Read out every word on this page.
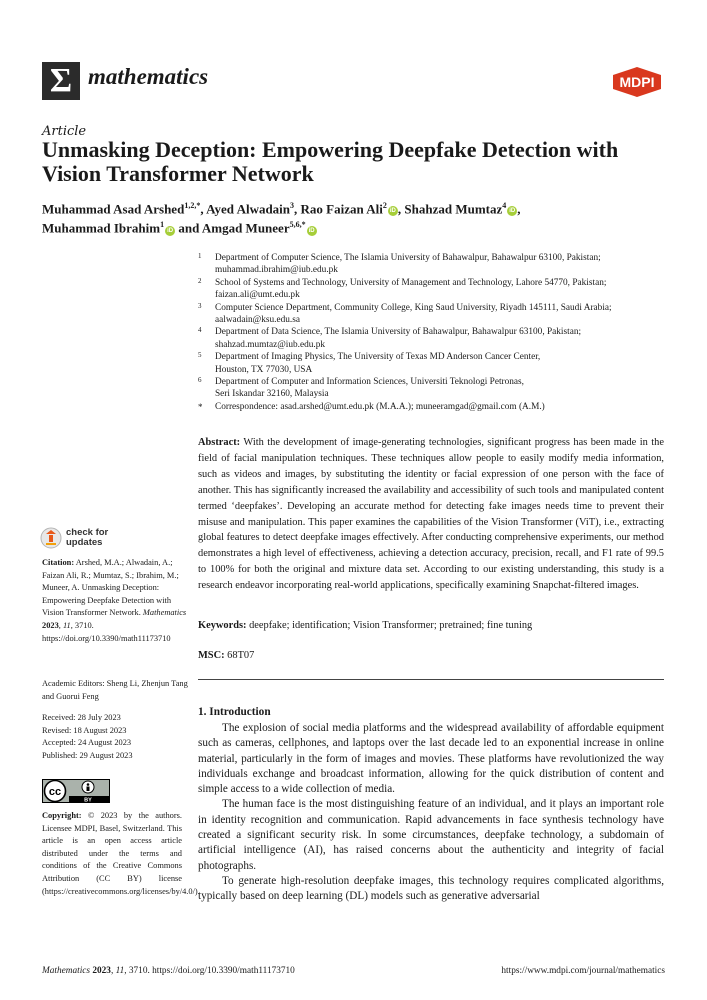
Σ mathematics	MDPI
Article
Unmasking Deception: Empowering Deepfake Detection with Vision Transformer Network
Muhammad Asad Arshed$^{1,2,*}$, Ayed Alwadain$^3$, Rao Faizan Ali$^2$iD , Shahzad Mumtaz$^4$iD ,
Muhammad Ibrahim$^1$iD and Amgad Muneer$^{5,6,*}$iD
1 Department of Computer Science, The Islamia University of Bahawalpur, Bahawalpur 63100, Pakistan;
muhammad.ibrahim@iub.edu.pk
2 School of Systems and Technology, University of Management and Technology, Lahore 54770, Pakistan;
faizan.ali@umt.edu.pk
3 Computer Science Department, Community College, King Saud University, Riyadh 145111, Saudi Arabia;
aalwadain@ksu.edu.sa
4 Department of Data Science, The Islamia University of Bahawalpur, Bahawalpur 63100, Pakistan;
shahzad.mumtaz@iub.edu.pk
5 Department of Imaging Physics, The University of Texas MD Anderson Cancer Center,
Houston, TX 77030, USA
6 Department of Computer and Information Sciences, Universiti Teknologi Petronas,
Seri Iskandar 32160, Malaysia
* Correspondence: asad.arshed@umt.edu.pk (M.A.A.); muneeramgad@gmail.com (A.M.)
Abstract: With the development of image-generating technologies, significant progress has been made in the field of facial manipulation techniques. These techniques allow people to easily modify media information, such as videos and images, by substituting the identity or facial expression of one person with the face of another. This has significantly increased the availability and accessibility of such tools and manipulated content termed ‘deepfakes’. Developing an accurate method for detecting fake images needs time to prevent their misuse and manipulation. This paper examines the capabilities of the Vision Transformer (ViT), i.e., extracting global features to detect deepfake images effectively. After conducting comprehensive experiments, our method demonstrates a high level of effectiveness, achieving a detection accuracy, precision, recall, and F1 rate of 99.5 to 100% for both the original and mixture data set. According to our existing understanding, this study is a research endeavor incorporating real-world applications, specifically examining Snapchat-filtered images.
Keywords: deepfake; identification; Vision Transformer; pretrained; fine tuning
MSC: 68T07
1. Introduction

The explosion of social media platforms and the widespread availability of affordable equipment such as cameras, cellphones, and laptops over the last decade led to an exponential increase in online material, particularly in the form of images and movies. These platforms have revolutionized the way individuals exchange and broadcast information, allowing for the quick distribution of content and simple access to a wide collection of media.

The human face is the most distinguishing feature of an individual, and it plays an important role in identity recognition and communication. Rapid advancements in face synthesis technology have created a significant security risk. In some circumstances, deepfake technology, a subdomain of artificial intelligence (AI), has raised concerns about the authenticity and integrity of facial photographs.

To generate high-resolution deepfake images, this technology requires complicated algorithms, typically based on deep learning (DL) models such as generative adversarial

check for
updates
Citation: Arshed, M.A.; Alwadain, A.; Faizan Ali, R.; Mumtaz, S.; Ibrahim, M.; Muneer, A. Unmasking Deception: Empowering Deepfake Detection with Vision Transformer Network. Mathematics 2023, 11, 3710. https://doi.org/10.3390/math11173710
Academic Editors: Sheng Li, Zhenjun Tang and Guorui Feng
Received: 28 July 2023
Revised: 18 August 2023
Accepted: 24 August 2023
Published: 29 August 2023
cc
BY
Copyright: © 2023 by the authors. Licensee MDPI, Basel, Switzerland. This article is an open access article distributed under the terms and conditions of the Creative Commons Attribution (CC BY) license (https://creativecommons.org/licenses/by/4.0/).
Mathematics 2023, 11, 3710. https://doi.org/10.3390/math11173710	https://www.mdpi.com/journal/mathematics
